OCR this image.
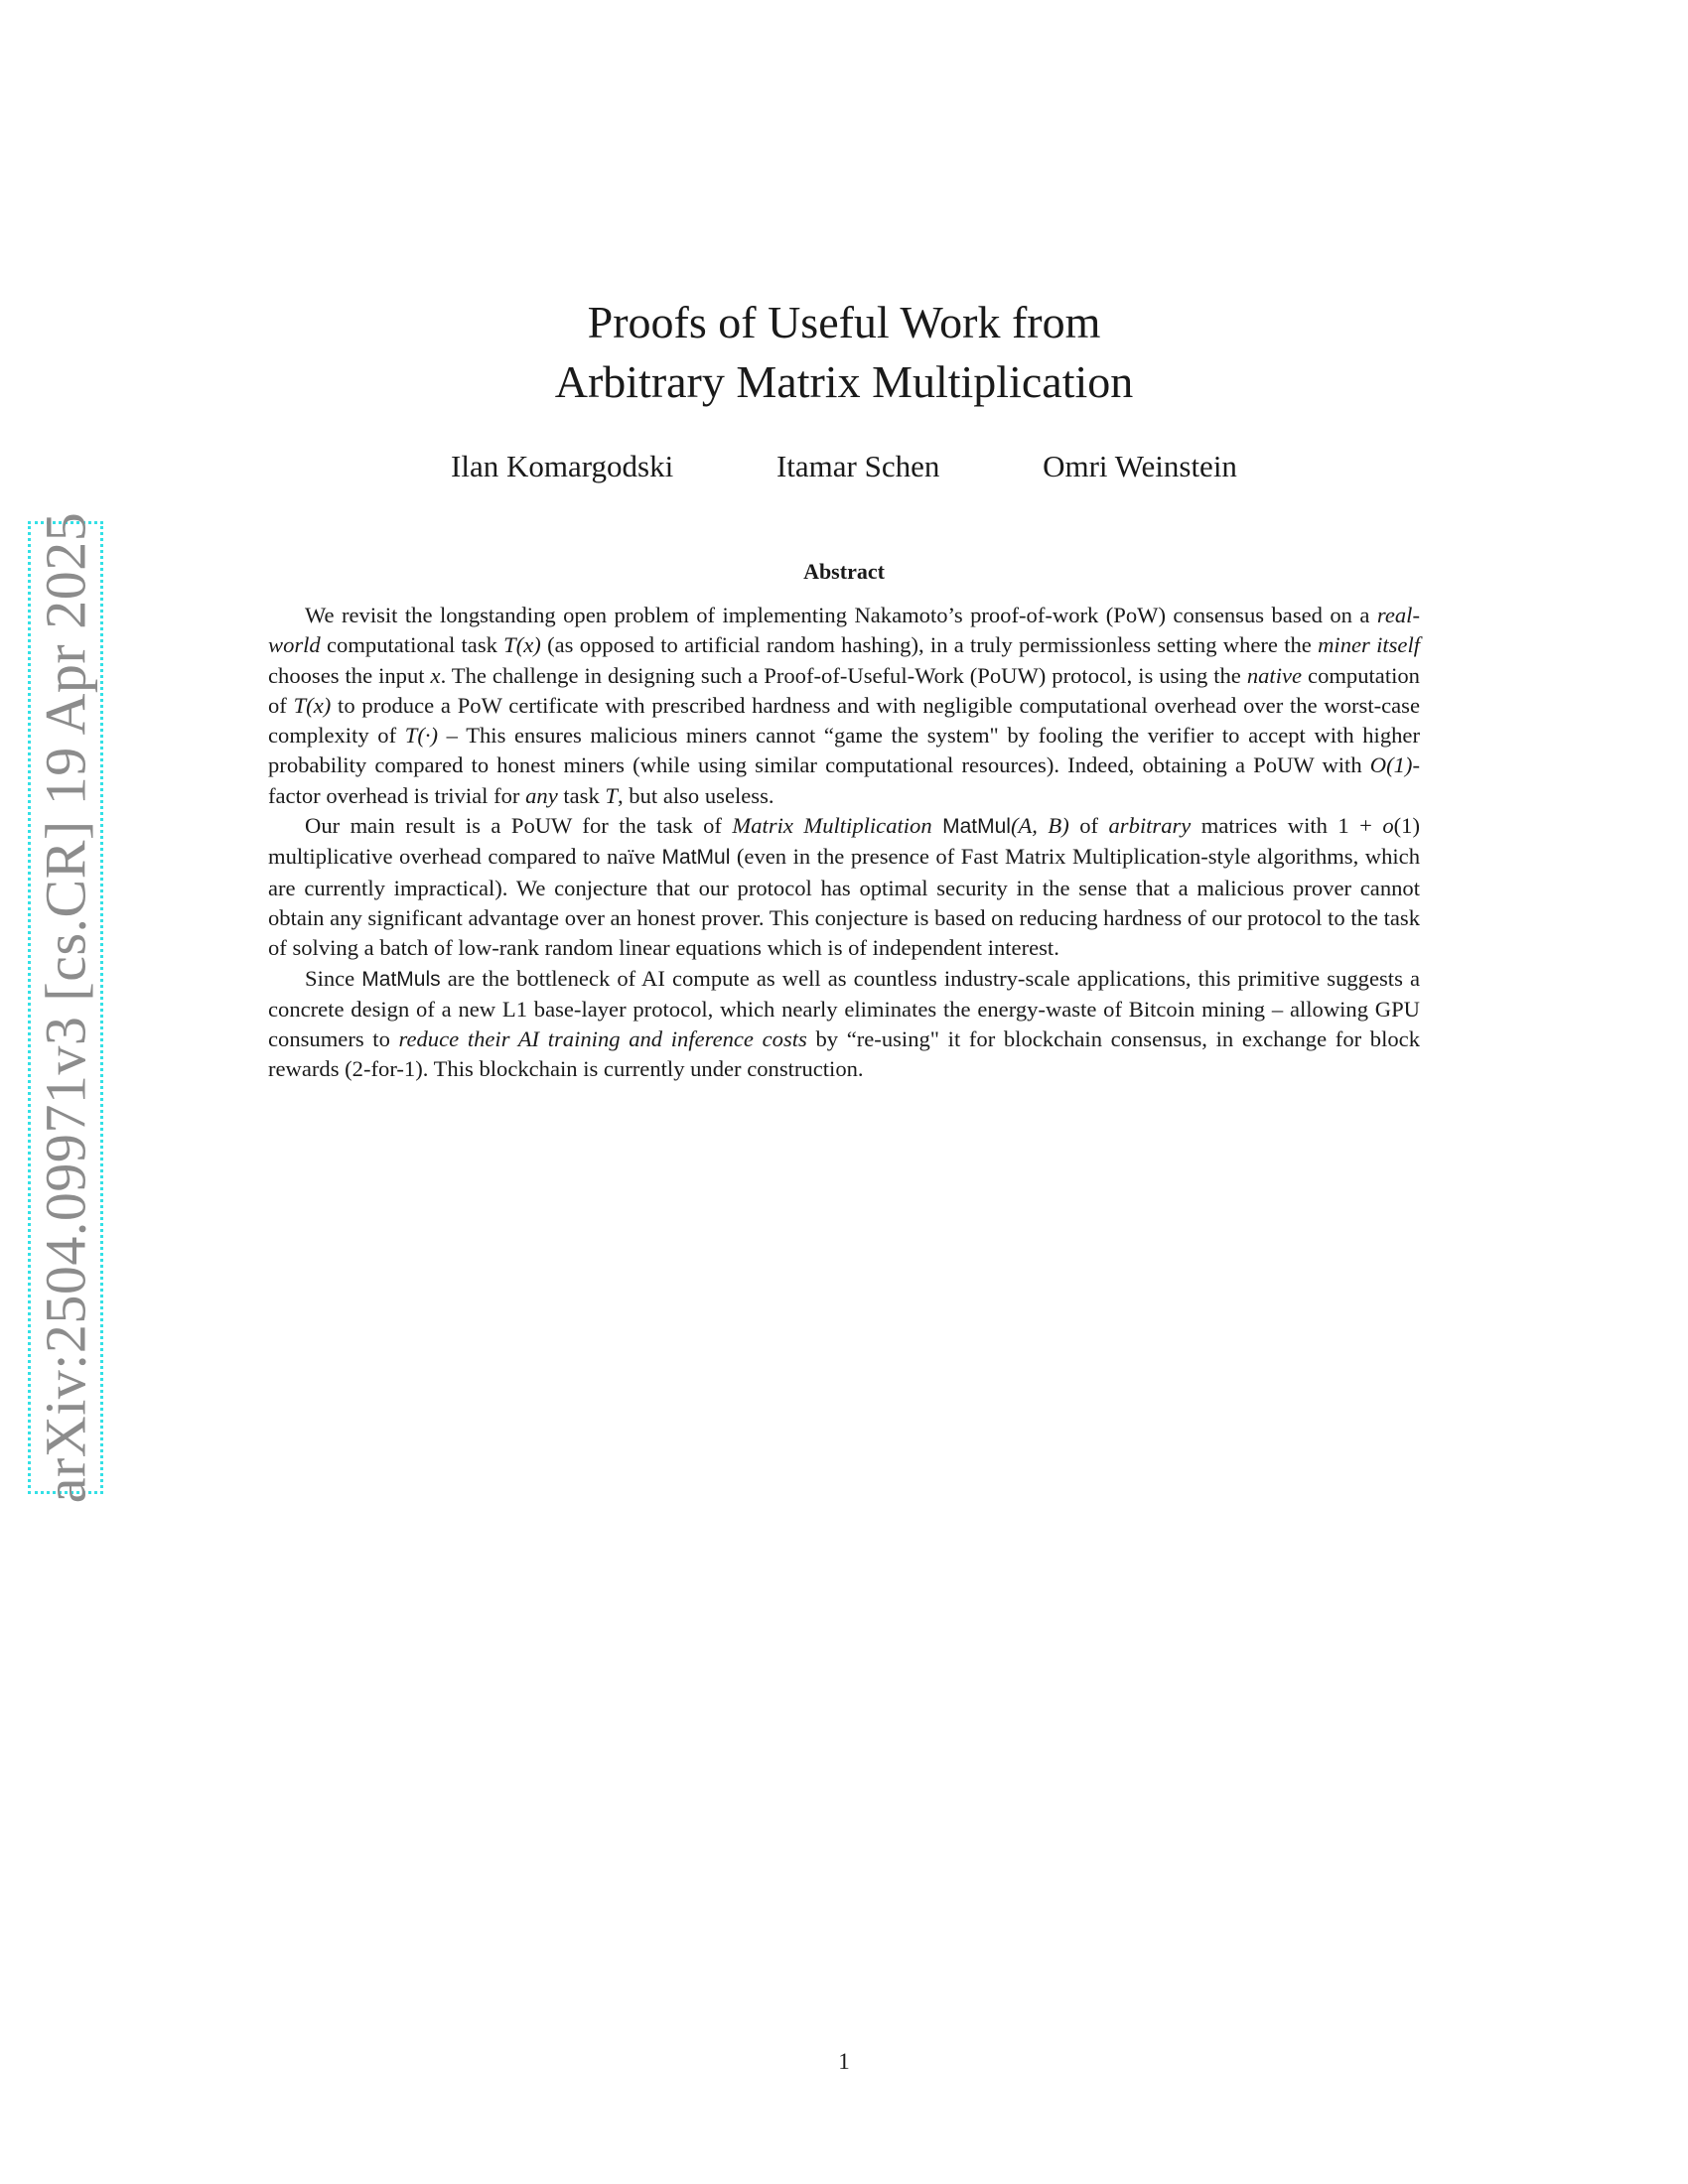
arXiv:2504.09971v3 [cs.CR] 19 Apr 2025
Proofs of Useful Work from
Arbitrary Matrix Multiplication
Ilan Komargodski	Itamar Schen	Omri Weinstein
Abstract

We revisit the longstanding open problem of implementing Nakamoto’s proof-of-work (PoW) consensus based on a real-world computational task T(x) (as opposed to artificial random hashing), in a truly permissionless setting where the miner itself chooses the input x. The challenge in designing such a Proof-of-Useful-Work (PoUW) protocol, is using the native computation of T(x) to produce a PoW certificate with prescribed hardness and with negligible computational overhead over the worst-case complexity of T(·) – This ensures malicious miners cannot “game the system" by fooling the verifier to accept with higher probability compared to honest miners (while using similar computational resources). Indeed, obtaining a PoUW with O(1)-factor overhead is trivial for any task T, but also useless.

Our main result is a PoUW for the task of Matrix Multiplication MatMul(A, B) of arbitrary matrices with 1 + o(1) multiplicative overhead compared to naïve MatMul (even in the presence of Fast Matrix Multiplication-style algorithms, which are currently impractical). We conjecture that our protocol has optimal security in the sense that a malicious prover cannot obtain any significant advantage over an honest prover. This conjecture is based on reducing hardness of our protocol to the task of solving a batch of low-rank random linear equations which is of independent interest.

Since MatMuls are the bottleneck of AI compute as well as countless industry-scale applications, this primitive suggests a concrete design of a new L1 base-layer protocol, which nearly eliminates the energy-waste of Bitcoin mining – allowing GPU consumers to reduce their AI training and inference costs by “re-using" it for blockchain consensus, in exchange for block rewards (2-for-1). This blockchain is currently under construction.

1
